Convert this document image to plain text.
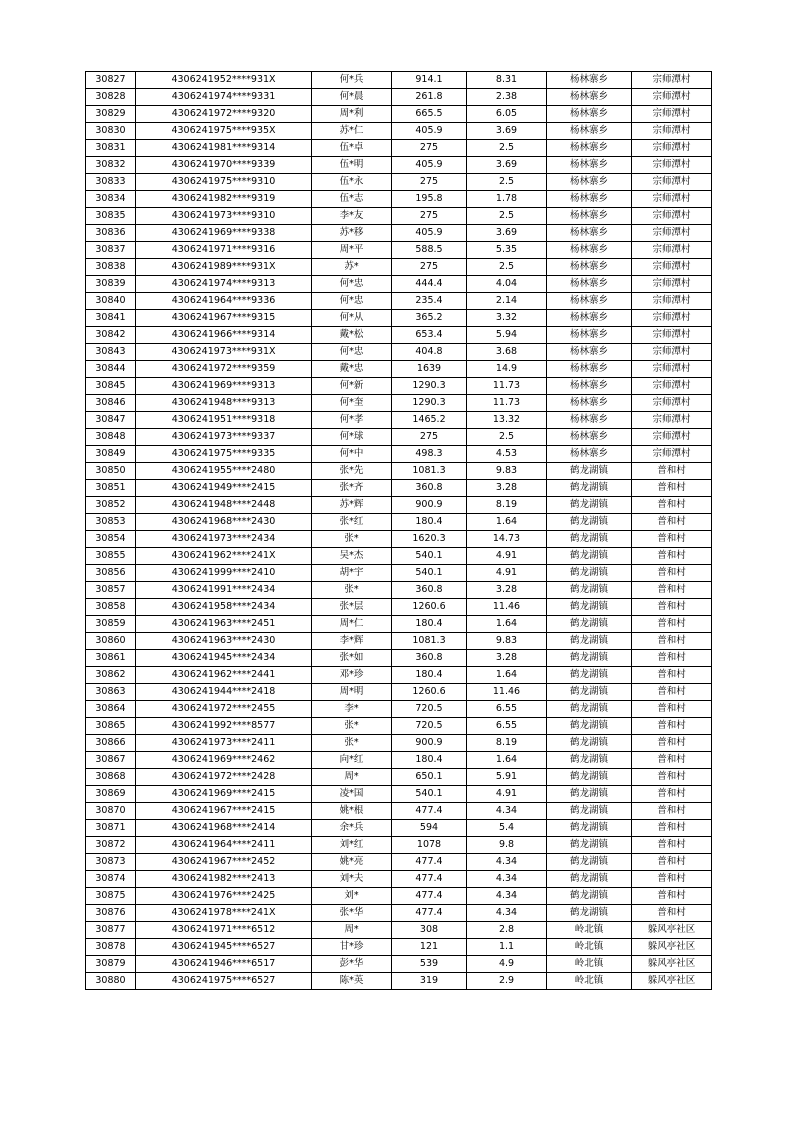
30827	4306241952****931X	何*兵	914.1	8.31	杨林寨乡	宗师潭村
30828	4306241974****9331	何*晨	261.8	2.38	杨林寨乡	宗师潭村
30829	4306241972****9320	周*利	665.5	6.05	杨林寨乡	宗师潭村
30830	4306241975****935X	苏*仁	405.9	3.69	杨林寨乡	宗师潭村
30831	4306241981****9314	伍*卓	275	2.5	杨林寨乡	宗师潭村
30832	4306241970****9339	伍*明	405.9	3.69	杨林寨乡	宗师潭村
30833	4306241975****9310	伍*永	275	2.5	杨林寨乡	宗师潭村
30834	4306241982****9319	伍*志	195.8	1.78	杨林寨乡	宗师潭村
30835	4306241973****9310	李*友	275	2.5	杨林寨乡	宗师潭村
30836	4306241969****9338	苏*移	405.9	3.69	杨林寨乡	宗师潭村
30837	4306241971****9316	周*平	588.5	5.35	杨林寨乡	宗师潭村
30838	4306241989****931X	苏*	275	2.5	杨林寨乡	宗师潭村
30839	4306241974****9313	何*忠	444.4	4.04	杨林寨乡	宗师潭村
30840	4306241964****9336	何*忠	235.4	2.14	杨林寨乡	宗师潭村
30841	4306241967****9315	何*从	365.2	3.32	杨林寨乡	宗师潭村
30842	4306241966****9314	戴*松	653.4	5.94	杨林寨乡	宗师潭村
30843	4306241973****931X	何*忠	404.8	3.68	杨林寨乡	宗师潭村
30844	4306241972****9359	戴*忠	1639	14.9	杨林寨乡	宗师潭村
30845	4306241969****9313	何*新	1290.3	11.73	杨林寨乡	宗师潭村
30846	4306241948****9313	何*奎	1290.3	11.73	杨林寨乡	宗师潭村
30847	4306241951****9318	何*孝	1465.2	13.32	杨林寨乡	宗师潭村
30848	4306241973****9337	何*球	275	2.5	杨林寨乡	宗师潭村
30849	4306241975****9335	何*中	498.3	4.53	杨林寨乡	宗师潭村
30850	4306241955****2480	张*先	1081.3	9.83	鹤龙湖镇	普和村
30851	4306241949****2415	张*齐	360.8	3.28	鹤龙湖镇	普和村
30852	4306241948****2448	苏*辉	900.9	8.19	鹤龙湖镇	普和村
30853	4306241968****2430	张*红	180.4	1.64	鹤龙湖镇	普和村
30854	4306241973****2434	张*	1620.3	14.73	鹤龙湖镇	普和村
30855	4306241962****241X	吴*杰	540.1	4.91	鹤龙湖镇	普和村
30856	4306241999****2410	胡*宇	540.1	4.91	鹤龙湖镇	普和村
30857	4306241991****2434	张*	360.8	3.28	鹤龙湖镇	普和村
30858	4306241958****2434	张*层	1260.6	11.46	鹤龙湖镇	普和村
30859	4306241963****2451	周*仁	180.4	1.64	鹤龙湖镇	普和村
30860	4306241963****2430	李*辉	1081.3	9.83	鹤龙湖镇	普和村
30861	4306241945****2434	张*如	360.8	3.28	鹤龙湖镇	普和村
30862	4306241962****2441	邓*珍	180.4	1.64	鹤龙湖镇	普和村
30863	4306241944****2418	周*明	1260.6	11.46	鹤龙湖镇	普和村
30864	4306241972****2455	李*	720.5	6.55	鹤龙湖镇	普和村
30865	4306241992****8577	张*	720.5	6.55	鹤龙湖镇	普和村
30866	4306241973****2411	张*	900.9	8.19	鹤龙湖镇	普和村
30867	4306241969****2462	向*红	180.4	1.64	鹤龙湖镇	普和村
30868	4306241972****2428	周*	650.1	5.91	鹤龙湖镇	普和村
30869	4306241969****2415	凌*国	540.1	4.91	鹤龙湖镇	普和村
30870	4306241967****2415	姚*根	477.4	4.34	鹤龙湖镇	普和村
30871	4306241968****2414	余*兵	594	5.4	鹤龙湖镇	普和村
30872	4306241964****2411	刘*红	1078	9.8	鹤龙湖镇	普和村
30873	4306241967****2452	姚*亮	477.4	4.34	鹤龙湖镇	普和村
30874	4306241982****2413	刘*夫	477.4	4.34	鹤龙湖镇	普和村
30875	4306241976****2425	刘*	477.4	4.34	鹤龙湖镇	普和村
30876	4306241978****241X	张*华	477.4	4.34	鹤龙湖镇	普和村
30877	4306241971****6512	周*	308	2.8	岭北镇	躲风亭社区
30878	4306241945****6527	甘*珍	121	1.1	岭北镇	躲风亭社区
30879	4306241946****6517	彭*华	539	4.9	岭北镇	躲风亭社区
30880	4306241975****6527	陈*英	319	2.9	岭北镇	躲风亭社区
